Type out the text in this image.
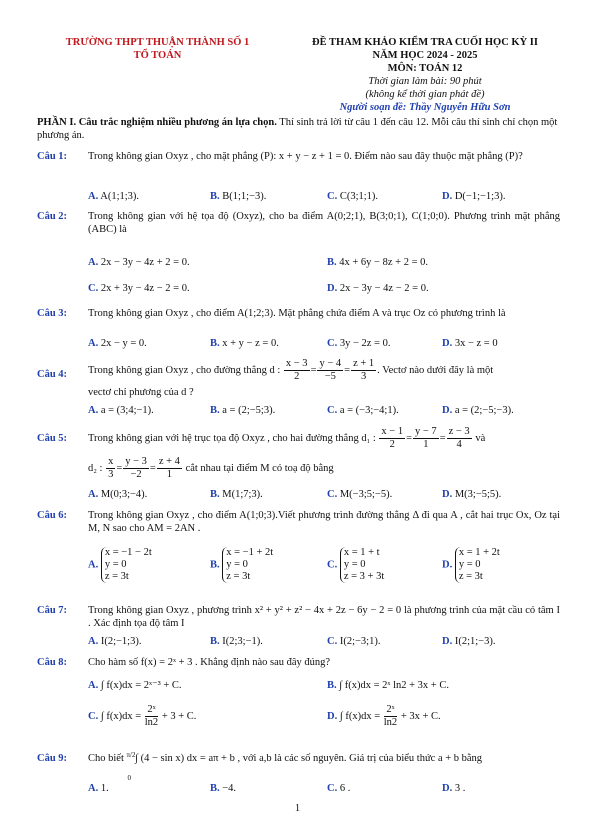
TRƯỜNG THPT THUẬN THÀNH SỐ 1
TỔ TOÁN
ĐỀ THAM KHẢO KIỂM TRA CUỐI HỌC KỲ II
NĂM HỌC 2024 - 2025
MÔN: TOÁN 12
Thời gian làm bài: 90 phút
(không kể thời gian phát đề)
Người soạn đề: Thầy Nguyễn Hữu Sơn
PHẦN I. Câu trắc nghiệm nhiều phương án lựa chọn. Thí sinh trả lời từ câu 1 đến câu 12. Mỗi câu thí sinh chỉ chọn một phương án.
Câu 1: Trong không gian Oxyz , cho mặt phẳng (P): x + y − z + 1 = 0. Điểm nào sau đây thuộc mặt phẳng (P)?
A. A(1;1;3).	B. B(1;1;−3).	C. C(3;1;1).	D. D(−1;−1;3).
Câu 2: Trong không gian với hệ tọa độ (Oxyz), cho ba điểm A(0;2;1), B(3;0;1), C(1;0;0). Phương trình mặt phẳng (ABC) là
A. 2x − 3y − 4z + 2 = 0.	B. 4x + 6y − 8z + 2 = 0.
C. 2x + 3y − 4z − 2 = 0.	D. 2x − 3y − 4z − 2 = 0.
Câu 3: Trong không gian Oxyz , cho điểm A(1;2;3). Mặt phẳng chứa điểm A và trục Oz có phương trình là
A. 2x − y = 0.	B. x + y − z = 0.	C. 3y − 2z = 0.	D. 3x − z = 0
Câu 4: Trong không gian Oxyz , cho đường thẳng d : $\frac{x - 3}{2} = \frac{y - 4}{-5} = \frac{z + 1}{3}$ . Vectơ nào dưới đây là một
vectơ chỉ phương của d ?
A. a = (3;4;−1).	B. a = (2;−5;3).	C. a = (−3;−4;1).	D. a = (2;−5;−3).
Câu 5: Trong không gian với hệ trục tọa độ Oxyz , cho hai đường thẳng d₁ : $\frac{x - 1}{2} = \frac{y - 7}{1} = \frac{z - 3}{4}$ và
d₂ : $\frac{x}{3} = \frac{y - 3}{-2} = \frac{z + 4}{1}$ cắt nhau tại điểm M có toạ độ bằng
A. M(0;3;−4).	B. M(1;7;3).	C. M(−3;5;−5).	D. M(3;−5;5).
Câu 6: Trong không gian Oxyz , cho điểm A(1;0;3).Viết phương trình đường thẳng Δ đi qua A , cắt hai trục Ox, Oz tại M, N sao cho AM = 2AN .
A.
x = −1 − 2t
y = 0
z = 3t
B.
x = −1 + 2t
y = 0
z = 3t
C.
x = 1 + t
y = 0
z = 3 + 3t
D.
x = 1 + 2t
y = 0
z = 3t
Câu 7: Trong không gian Oxyz , phương trình x² + y² + z² − 4x + 2z − 6y − 2 = 0 là phương trình của mặt cầu có tâm I . Xác định tọa độ tâm I
A. I(2;−1;3).	B. I(2;3;−1).	C. I(2;−3;1).	D. I(2;1;−3).
Câu 8: Cho hàm số f(x) = 2ˣ + 3 . Khẳng định nào sau đây đúng?
A. ∫ f(x)dx = 2ˣ⁻³ + C.	B. ∫ f(x)dx = 2ˣ ln2 + 3x + C.
C. ∫ $f(x)dx = \frac{\text{2ˣ}}{\ln 2} + 3 + C$.	D. ∫ $f(x)dx = \frac{\text{2ˣ}}{\ln 2} + 3x + C$.
Câu 9: Cho biết π/2
0
∫ (4 − sin x) dx = aπ + b , với a,b là các số nguyên. Giá trị của biểu thức a + b bằng
A. 1.	B. −4.	C. 6 .	D. 3 .
1
